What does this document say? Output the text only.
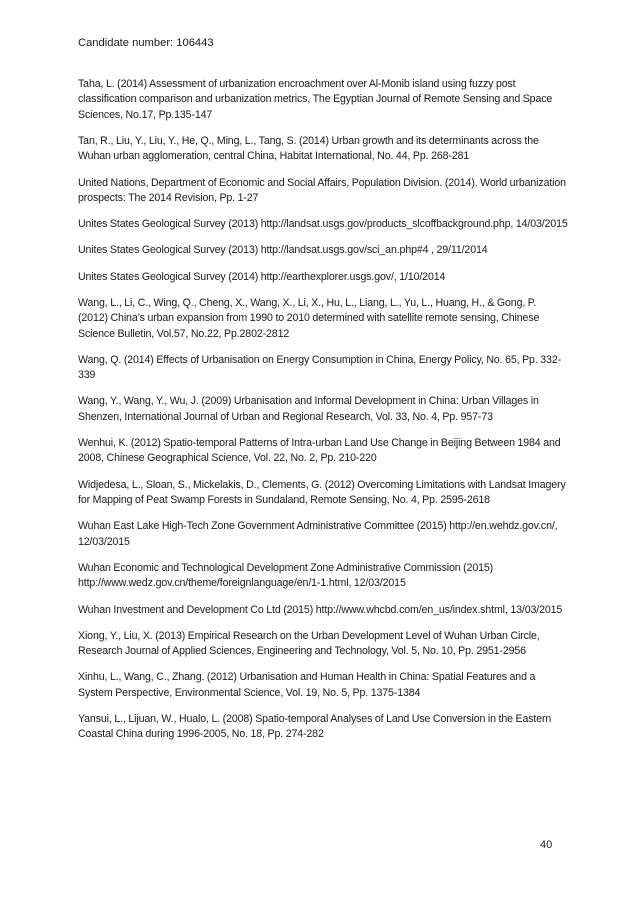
Candidate number: 106443
Taha, L. (2014) Assessment of urbanization encroachment over Al-Monib island using fuzzy post classification comparison and urbanization metrics, The Egyptian Journal of Remote Sensing and Space Sciences, No.17, Pp.135-147
Tan, R., Liu, Y., Liu, Y., He, Q., Ming, L., Tang, S. (2014) Urban growth and its determinants across the Wuhan urban agglomeration, central China, Habitat International, No. 44, Pp. 268-281
United Nations, Department of Economic and Social Affairs, Population Division. (2014). World urbanization prospects: The 2014 Revision, Pp. 1-27
Unites States Geological Survey (2013) http://landsat.usgs.gov/products_slcoffbackground.php, 14/03/2015
Unites States Geological Survey (2013) http://landsat.usgs.gov/sci_an.php#4 , 29/11/2014
Unites States Geological Survey (2014) http://earthexplorer.usgs.gov/, 1/10/2014
Wang, L., Li, C., Wing, Q., Cheng, X., Wang, X., Li, X., Hu, L., Liang, L., Yu, L., Huang, H., & Gong, P. (2012) China’s urban expansion from 1990 to 2010 determined with satellite remote sensing, Chinese Science Bulletin, Vol.57, No.22, Pp.2802-2812
Wang, Q. (2014) Effects of Urbanisation on Energy Consumption in China, Energy Policy, No. 65, Pp. 332-339
Wang, Y., Wang, Y., Wu, J. (2009) Urbanisation and Informal Development in China: Urban Villages in Shenzen, International Journal of Urban and Regional Research, Vol. 33, No. 4, Pp. 957-73
Wenhui, K. (2012) Spatio-temporal Patterns of Intra-urban Land Use Change in Beijing Between 1984 and 2008, Chinese Geographical Science, Vol. 22, No. 2, Pp. 210-220
Widjedesa, L., Sloan, S., Mickelakis, D., Clements, G. (2012) Overcoming Limitations with Landsat Imagery for Mapping of Peat Swamp Forests in Sundaland, Remote Sensing, No. 4, Pp. 2595-2618
Wuhan East Lake High-Tech Zone Government Administrative Committee (2015) http://en.wehdz.gov.cn/, 12/03/2015
Wuhan Economic and Technological Development Zone Administrative Commission (2015) http://www.wedz.gov.cn/theme/foreignlanguage/en/1-1.html, 12/03/2015
Wuhan Investment and Development Co Ltd (2015) http://www.whcbd.com/en_us/index.shtml, 13/03/2015
Xiong, Y., Liu, X. (2013) Empirical Research on the Urban Development Level of Wuhan Urban Circle, Research Journal of Applied Sciences, Engineering and Technology, Vol. 5, No. 10, Pp. 2951-2956
Xinhu, L., Wang, C., Zhang. (2012) Urbanisation and Human Health in China: Spatial Features and a System Perspective, Environmental Science, Vol. 19, No. 5, Pp. 1375-1384
Yansui, L., Lijuan, W., Hualo, L. (2008) Spatio-temporal Analyses of Land Use Conversion in the Eastern Coastal China during 1996-2005, No. 18, Pp. 274-282
40
